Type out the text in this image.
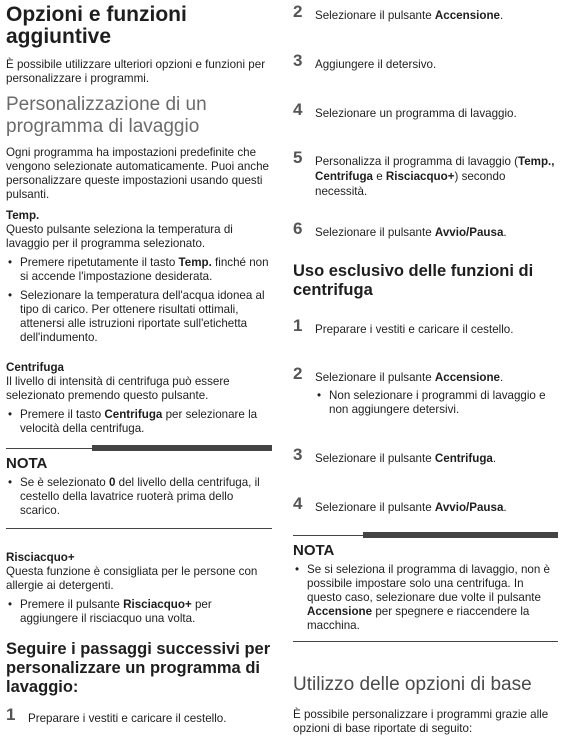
Opzioni e funzioni aggiuntive

È possibile utilizzare ulteriori opzioni e funzioni per personalizzare i programmi.

Personalizzazione di un programma di lavaggio

Ogni programma ha impostazioni predefinite che vengono selezionate automaticamente. Puoi anche personalizzare queste impostazioni usando questi pulsanti.

Temp.

Questo pulsante seleziona la temperatura di lavaggio per il programma selezionato.

• Premere ripetutamente il tasto Temp. finché non si accende l'impostazione desiderata.
• Selezionare la temperatura dell'acqua idonea al tipo di carico. Per ottenere risultati ottimali, attenersi alle istruzioni riportate sull'etichetta dell'indumento.

Centrifuga

Il livello di intensità di centrifuga può essere selezionato premendo questo pulsante.

• Premere il tasto Centrifuga per selezionare la velocità della centrifuga.

NOTA

• Se è selezionato 0 del livello della centrifuga, il cestello della lavatrice ruoterà prima dello scarico.

Risciacquo+

Questa funzione è consigliata per le persone con allergie ai detergenti.

• Premere il pulsante Risciacquo+ per aggiungere il risciacquo una volta.

Seguire i passaggi successivi per personalizzare un programma di lavaggio:

1 Preparare i vestiti e caricare il cestello.
2 Selezionare il pulsante Accensione.
3 Aggiungere il detersivo.
4 Selezionare un programma di lavaggio.
5 Personalizza il programma di lavaggio (Temp., Centrifuga e Risciacquo+) secondo necessità.
6 Selezionare il pulsante Avvio/Pausa.

Uso esclusivo delle funzioni di centrifuga

1 Preparare i vestiti e caricare il cestello.
2 Selezionare il pulsante Accensione.
• Non selezionare i programmi di lavaggio e non aggiungere detersivi.
3 Selezionare il pulsante Centrifuga.
4 Selezionare il pulsante Avvio/Pausa.

NOTA

• Se si seleziona il programma di lavaggio, non è possibile impostare solo una centrifuga. In questo caso, selezionare due volte il pulsante Accensione per spegnere e riaccendere la macchina.

Utilizzo delle opzioni di base

È possibile personalizzare i programmi grazie alle opzioni di base riportate di seguito:
